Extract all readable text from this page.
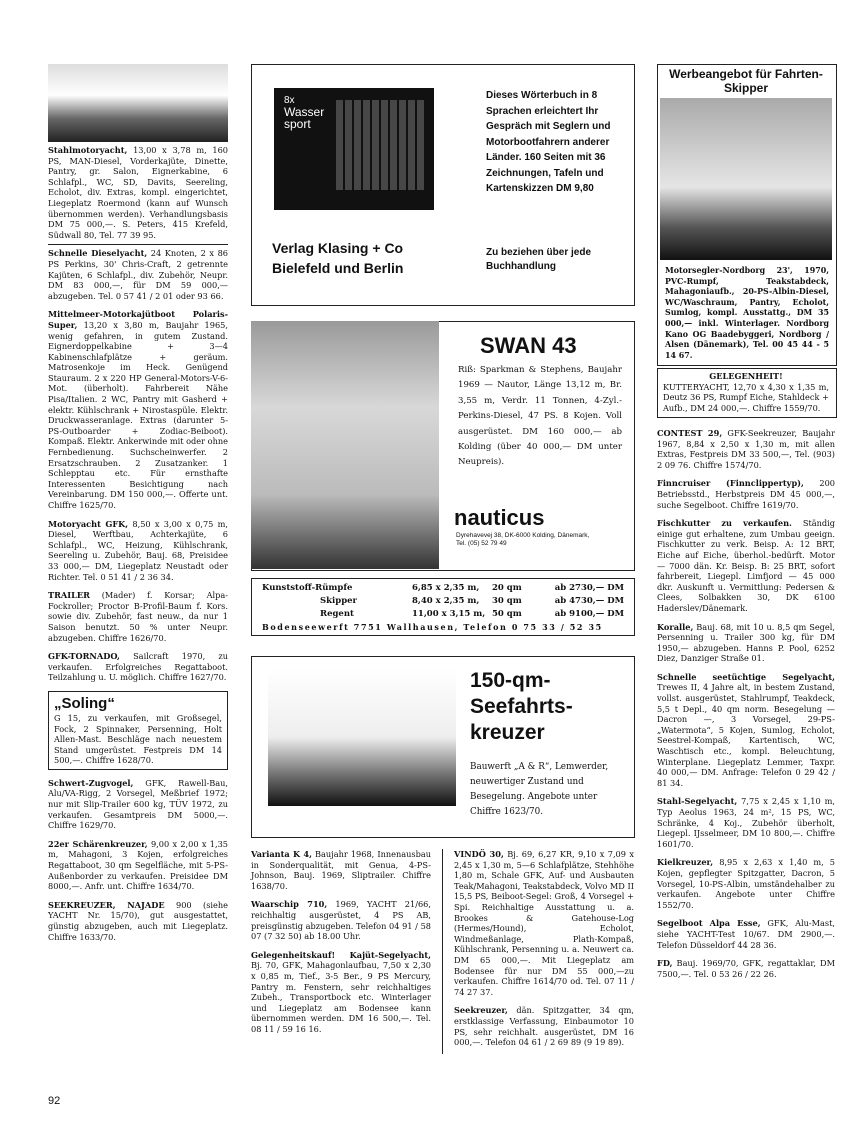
Stahlmotoryacht, 13,00 x 3,78 m, 160 PS, MAN-Diesel, Vorderkajüte, Dinette, Pantry, gr. Salon, Eignerkabine, 6 Schlafpl., WC, SD, Davits, Seereling, Echolot, div. Extras, kompl. eingerichtet, Liegeplatz Roermond (kann auf Wunsch übernommen werden). Verhandlungsbasis DM 75 000,—. S. Peters, 415 Krefeld, Südwall 80, Tel. 77 39 95.

Schnelle Dieselyacht, 24 Knoten, 2 x 86 PS Perkins, 30' Chris-Craft, 2 getrennte Kajüten, 6 Schlafpl., div. Zubehör, Neupr. DM 83 000,—, für DM 59 000,— abzugeben. Tel. 0 57 41 / 2 01 oder 93 66.

Mittelmeer-Motorkajütboot Polaris-Super, 13,20 x 3,80 m, Baujahr 1965, wenig gefahren, in gutem Zustand. Eignerdoppelkabine + 3—4 Kabinenschlafplätze + geräum. Matrosenkoje im Heck. Genügend Stauraum. 2 x 220 HP General-Motors-V-6-Mot. (überholt). Fahrbereit Nähe Pisa/Italien. 2 WC, Pantry mit Gasherd + elektr. Kühlschrank + Nirostaspüle. Elektr. Druckwasseranlage. Extras (darunter 5-PS-Outboarder + Zodiac-Beiboot). Kompaß. Elektr. Ankerwinde mit oder ohne Fernbedienung. Suchscheinwerfer. 2 Ersatzschrauben. 2 Zusatzanker. 1 Schlepptau etc. Für ernsthafte Interessenten Besichtigung nach Vereinbarung. DM 150 000,—. Offerte unt. Chiffre 1625/70.

Motoryacht GFK, 8,50 x 3,00 x 0,75 m, Diesel, Werftbau, Achterkajüte, 6 Schlafpl., WC, Heizung, Kühlschrank, Seereling u. Zubehör, Bauj. 68, Preisidee 33 000,— DM, Liegeplatz Neustadt oder Richter. Tel. 0 51 41 / 2 36 34.

TRAILER (Mader) f. Korsar; Alpa-Fockroller; Proctor B-Profil-Baum f. Kors. sowie div. Zubehör, fast neuw., da nur 1 Saison benutzt. 50 % unter Neupr. abzugeben. Chiffre 1626/70.

GFK-TORNADO, Sailcraft 1970, zu verkaufen. Erfolgreiches Regattaboot. Teilzahlung u. U. möglich. Chiffre 1627/70.

„Soling“
G 15, zu verkaufen, mit Großsegel, Fock, 2 Spinnaker, Persenning, Holt Allen-Mast. Beschläge nach neuestem Stand umgerüstet. Festpreis DM 14 500,—. Chiffre 1628/70.

Schwert-Zugvogel, GFK, Rawell-Bau, Alu/VA-Rigg, 2 Vorsegel, Meßbrief 1972; nur mit Slip-Trailer 600 kg, TÜV 1972, zu verkaufen. Gesamtpreis DM 5000,—. Chiffre 1629/70.

22er Schärenkreuzer, 9,00 x 2,00 x 1,35 m, Mahagoni, 3 Kojen, erfolgreiches Regattaboot, 30 qm Segelfläche, mit 5-PS-Außenborder zu verkaufen. Preisidee DM 8000,—. Anfr. unt. Chiffre 1634/70.

SEEKREUZER, NAJADE 900 (siehe YACHT Nr. 15/70), gut ausgestattet, günstig abzugeben, auch mit Liegeplatz. Chiffre 1633/70.

8x
Wasser
sport
Verlag Klasing + Co
Bielefeld und Berlin
Dieses Wörterbuch in 8 Sprachen erleichtert Ihr Gespräch mit Seglern und Motorbootfahrern anderer Länder. 160 Seiten mit 36 Zeichnungen, Tafeln und Kartenskizzen DM 9,80
Zu beziehen über jede Buchhandlung
SWAN 43
Riß: Sparkman & Stephens, Baujahr 1969 — Nautor, Länge 13,12 m, Br. 3,55 m, Verdr. 11 Tonnen, 4-Zyl.-Perkins-Diesel, 47 PS. 8 Kojen. Voll ausgerüstet. DM 160 000,— ab Kolding (über 40 000,— DM unter Neupreis).
nauticus
Dyrehavevej 38, DK-6000 Kolding, Dänemark, Tel. (05) 52 79 49
Kunststoff-Rümpfe	6,85 x 2,35 m,	20 qm	ab 2730,— DM
Skipper	8,40 x 2,35 m,	30 qm	ab 4730,— DM
Regent	11,00 x 3,15 m, 50 qm	ab 9100,— DM
Bodenseewerft 7751 Wallhausen, Telefon 0 75 33 / 52 35
150-qm-
Seefahrts-
kreuzer
Bauwerft „A & R“, Lemwerder, neuwertiger Zustand und Besegelung. Angebote unter Chiffre 1623/70.

Varianta K 4, Baujahr 1968, Innenausbau in Sonderqualität, mit Genua, 4-PS-Johnson, Bauj. 1969, Sliptrailer. Chiffre 1638/70.

Waarschip 710, 1969, YACHT 21/66, reichhaltig ausgerüstet, 4 PS AB, preisgünstig abzugeben. Telefon 04 91 / 58 07 (7 32 50) ab 18.00 Uhr.

Gelegenheitskauf! Kajüt-Segelyacht, Bj. 70, GFK, Mahagonlaufbau, 7,50 x 2,30 x 0,85 m, Tief., 3-5 Ber., 9 PS Mercury, Pantry m. Fenstern, sehr reichhaltiges Zubeh., Transportbock etc. Winterlager und Liegeplatz am Bodensee kann übernommen werden. DM 16 500,—. Tel. 08 11 / 59 16 16.

VINDÖ 30, Bj. 69, 6,27 KR, 9,10 x 7,09 x 2,45 x 1,30 m, 5—6 Schlafplätze, Stehhöhe 1,80 m, Schale GFK, Auf- und Ausbauten Teak/Mahagoni, Teakstabdeck, Volvo MD II 15,5 PS, Beiboot-Segel: Groß, 4 Vorsegel + Spi. Reichhaltige Ausstattung u. a. Brookes & Gatehouse-Log (Hermes/Hound), Echolot, Windmeßanlage, Plath-Kompaß, Kühlschrank, Persenning u. a. Neuwert ca. DM 65 000,—. Mit Liegeplatz am Bodensee für nur DM 55 000,—zu verkaufen. Chiffre 1614/70 od. Tel. 07 11 / 74 27 37.

Seekreuzer, dän. Spitzgatter, 34 qm, erstklassige Verfassung, Einbaumotor 10 PS, sehr reichhalt. ausgerüstet, DM 16 000,—. Telefon 04 61 / 2 69 89 (9 19 89).

Werbeangebot für Fahrten-Skipper
Motorsegler-Nordborg 23', 1970, PVC-Rumpf, Teakstabdeck, Mahagoniaufb., 20-PS-Albin-Diesel, WC/Waschraum, Pantry, Echolot, Sumlog, kompl. Ausstattg., DM 35 000,— inkl. Winterlager. Nordborg Kano OG Baadebyggeri, Nordborg / Alsen (Dänemark), Tel. 00 45 44 - 5 14 67.
GELEGENHEIT!
KUTTERYACHT, 12,70 x 4,30 x 1,35 m, Deutz 36 PS, Rumpf Eiche, Stahldeck + Aufb., DM 24 000,—. Chiffre 1559/70.

CONTEST 29, GFK-Seekreuzer, Baujahr 1967, 8,84 x 2,50 x 1,30 m, mit allen Extras, Festpreis DM 33 500,—, Tel. (903) 2 09 76. Chiffre 1574/70.

Finncruiser (Finnclippertyp), 200 Betriebsstd., Herbstpreis DM 45 000,—, suche Segelboot. Chiffre 1619/70.

Fischkutter zu verkaufen. Ständig einige gut erhaltene, zum Umbau geeign. Fischkutter zu verk. Beisp. A: 12 BRT, Eiche auf Eiche, überhol.-bedürft. Motor — 7000 dän. Kr. Beisp. B: 25 BRT, sofort fahrbereit, Liegepl. Limfjord — 45 000 dkr. Auskunft u. Vermittlung: Pedersen & Clees, Solbakken 30, DK 6100 Haderslev/Dänemark.

Koralle, Bauj. 68, mit 10 u. 8,5 qm Segel, Persenning u. Trailer 300 kg, für DM 1950,— abzugeben. Hanns P. Pool, 6252 Diez, Danziger Straße 01.

Schnelle seetüchtige Segelyacht, Trewes II, 4 Jahre alt, in bestem Zustand, vollst. ausgerüstet, Stahlrumpf, Teakdeck, 5,5 t Depl., 40 qm norm. Besegelung — Dacron —, 3 Vorsegel, 29-PS-„Watermota“, 5 Kojen, Sumlog, Echolot, Seestrel-Kompaß, Kartentisch, WC, Waschtisch etc., kompl. Beleuchtung, Winterplane. Liegeplatz Lemmer, Taxpr. 40 000,— DM. Anfrage: Telefon 0 29 42 / 81 34.

Stahl-Segelyacht, 7,75 x 2,45 x 1,10 m, Typ Aeolus 1963, 24 m², 15 PS, WC, Schränke, 4 Koj., Zubehör überholt, Liegepl. IJsselmeer, DM 10 800,—. Chiffre 1601/70.

Kielkreuzer, 8,95 x 2,63 x 1,40 m, 5 Kojen, gepflegter Spitzgatter, Dacron, 5 Vorsegel, 10-PS-Albin, umständehalber zu verkaufen. Angebote unter Chiffre 1552/70.

Segelboot Alpa Esse, GFK, Alu-Mast, siehe YACHT-Test 10/67. DM 2900,—. Telefon Düsseldorf 44 28 36.

FD, Bauj. 1969/70, GFK, regattaklar, DM 7500,—. Tel. 0 53 26 / 22 26.

92
